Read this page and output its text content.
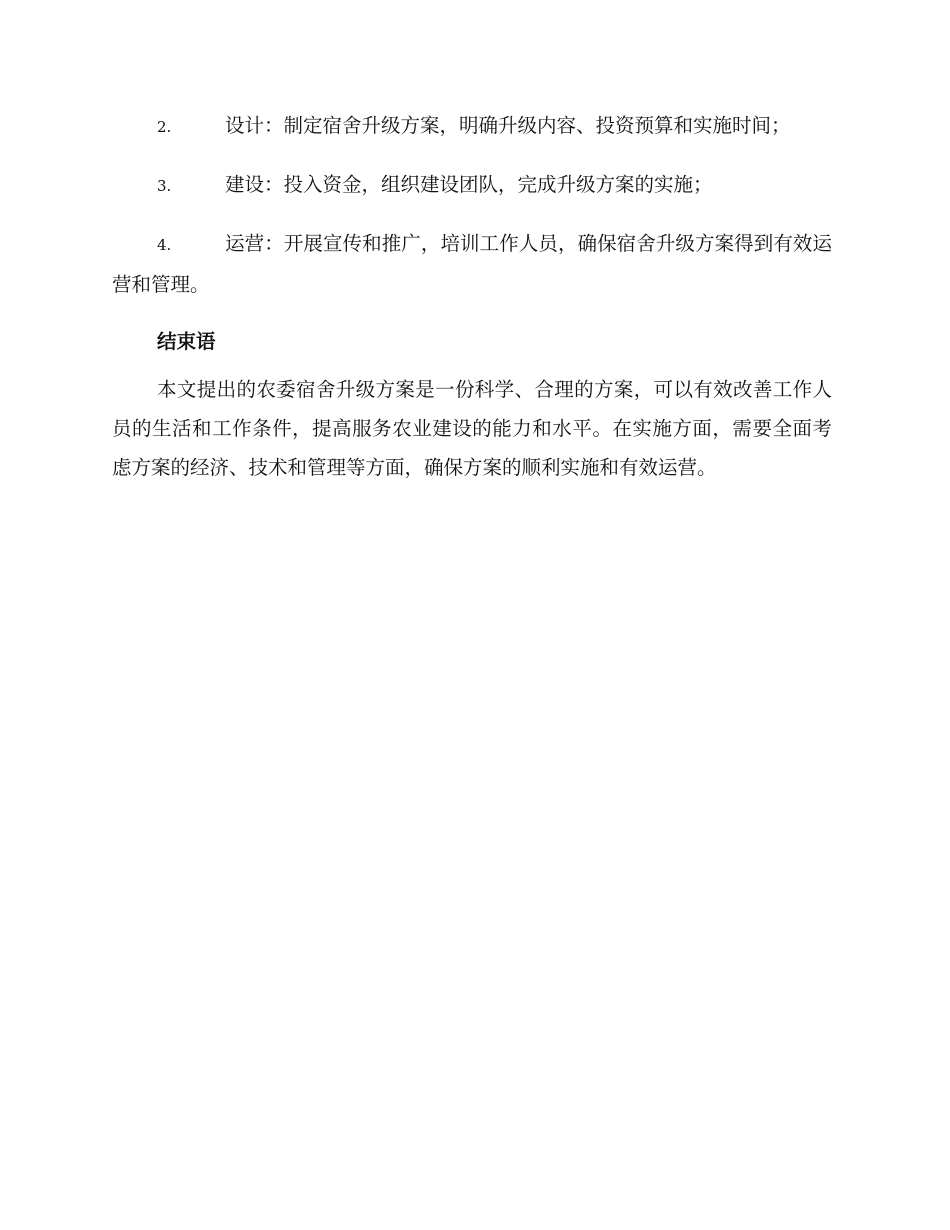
2.	设计：制定宿舍升级方案，明确升级内容、投资预算和实施时间；

3.	建设：投入资金，组织建设团队，完成升级方案的实施；

4.	运营：开展宣传和推广，培训工作人员，确保宿舍升级方案得到有效运营和管理。

结束语

本文提出的农委宿舍升级方案是一份科学、合理的方案，可以有效改善工作人员的生活和工作条件，提高服务农业建设的能力和水平。在实施方面，需要全面考虑方案的经济、技术和管理等方面，确保方案的顺利实施和有效运营。
